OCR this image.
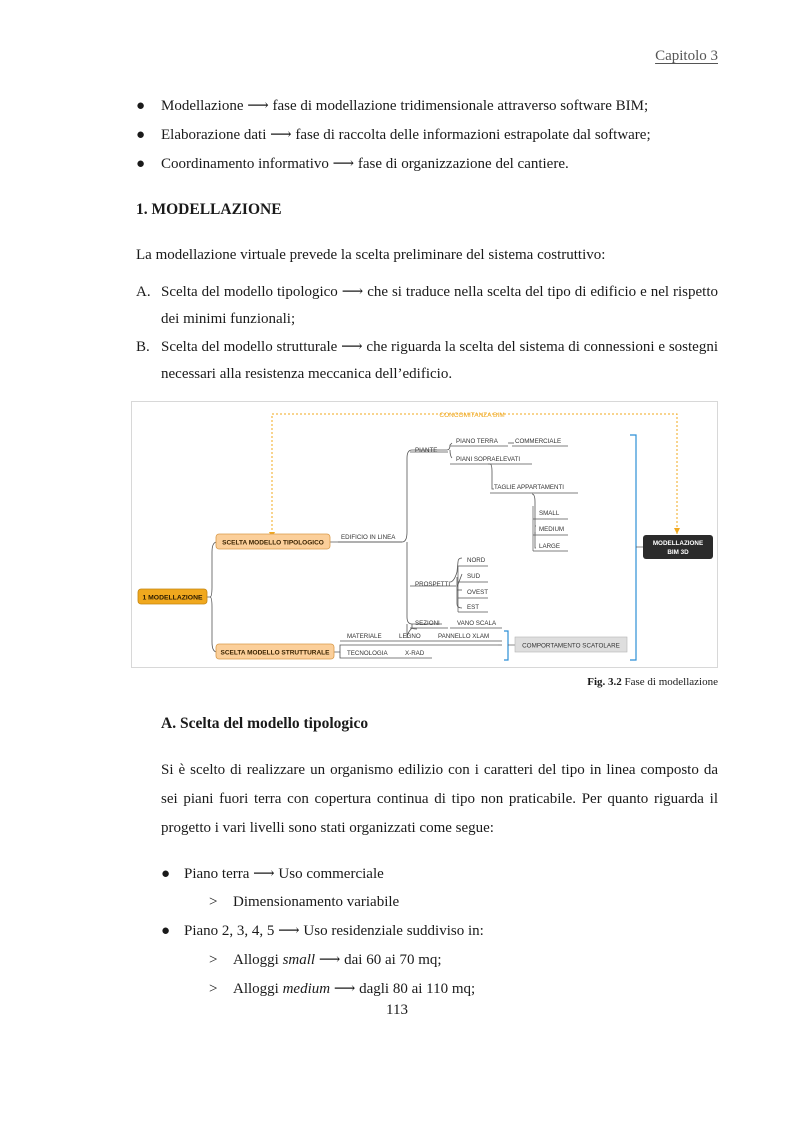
Capitolo 3
● Modellazione ⟶ fase di modellazione tridimensionale attraverso software BIM;
● Elaborazione dati ⟶ fase di raccolta delle informazioni estrapolate dal software;
● Coordinamento informativo ⟶ fase di organizzazione del cantiere.
1. MODELLAZIONE
La modellazione virtuale prevede la scelta preliminare del sistema costruttivo:
A. Scelta del modello tipologico ⟶ che si traduce nella scelta del tipo di edificio e nel rispetto dei minimi funzionali;
B. Scelta del modello strutturale ⟶ che riguarda la scelta del sistema di connessioni e sostegni necessari alla resistenza meccanica dell’edificio.
CONCOMITANZA BIM
1 MODELLAZIONE
SCELTA MODELLO TIPOLOGICO
SCELTA MODELLO STRUTTURALE
EDIFICIO IN LINEA
PIANTE
PIANO TERRA	COMMERCIALE
PIANI SOPRAELEVATI
TAGLIE APPARTAMENTI
SMALL
MEDIUM
LARGE
PROSPETTI
NORD
SUD
OVEST
EST
SEZIONI	VANO SCALA
MATERIALE	LEGNO	PANNELLO XLAM
TECNOLOGIA	X-RAD
COMPORTAMENTO SCATOLARE
MODELLAZIONE
BIM 3D
Fig. 3.2 Fase di modellazione
A. Scelta del modello tipologico
Si è scelto di realizzare un organismo edilizio con i caratteri del tipo in linea composto da sei piani fuori terra con copertura continua di tipo non praticabile. Per quanto riguarda il progetto i vari livelli sono stati organizzati come segue:
● Piano terra ⟶ Uso commerciale
> Dimensionamento variabile
● Piano 2, 3, 4, 5 ⟶ Uso residenziale suddiviso in:
> Alloggi small ⟶ dai 60 ai 70 mq;
> Alloggi medium ⟶ dagli 80 ai 110 mq;
113
